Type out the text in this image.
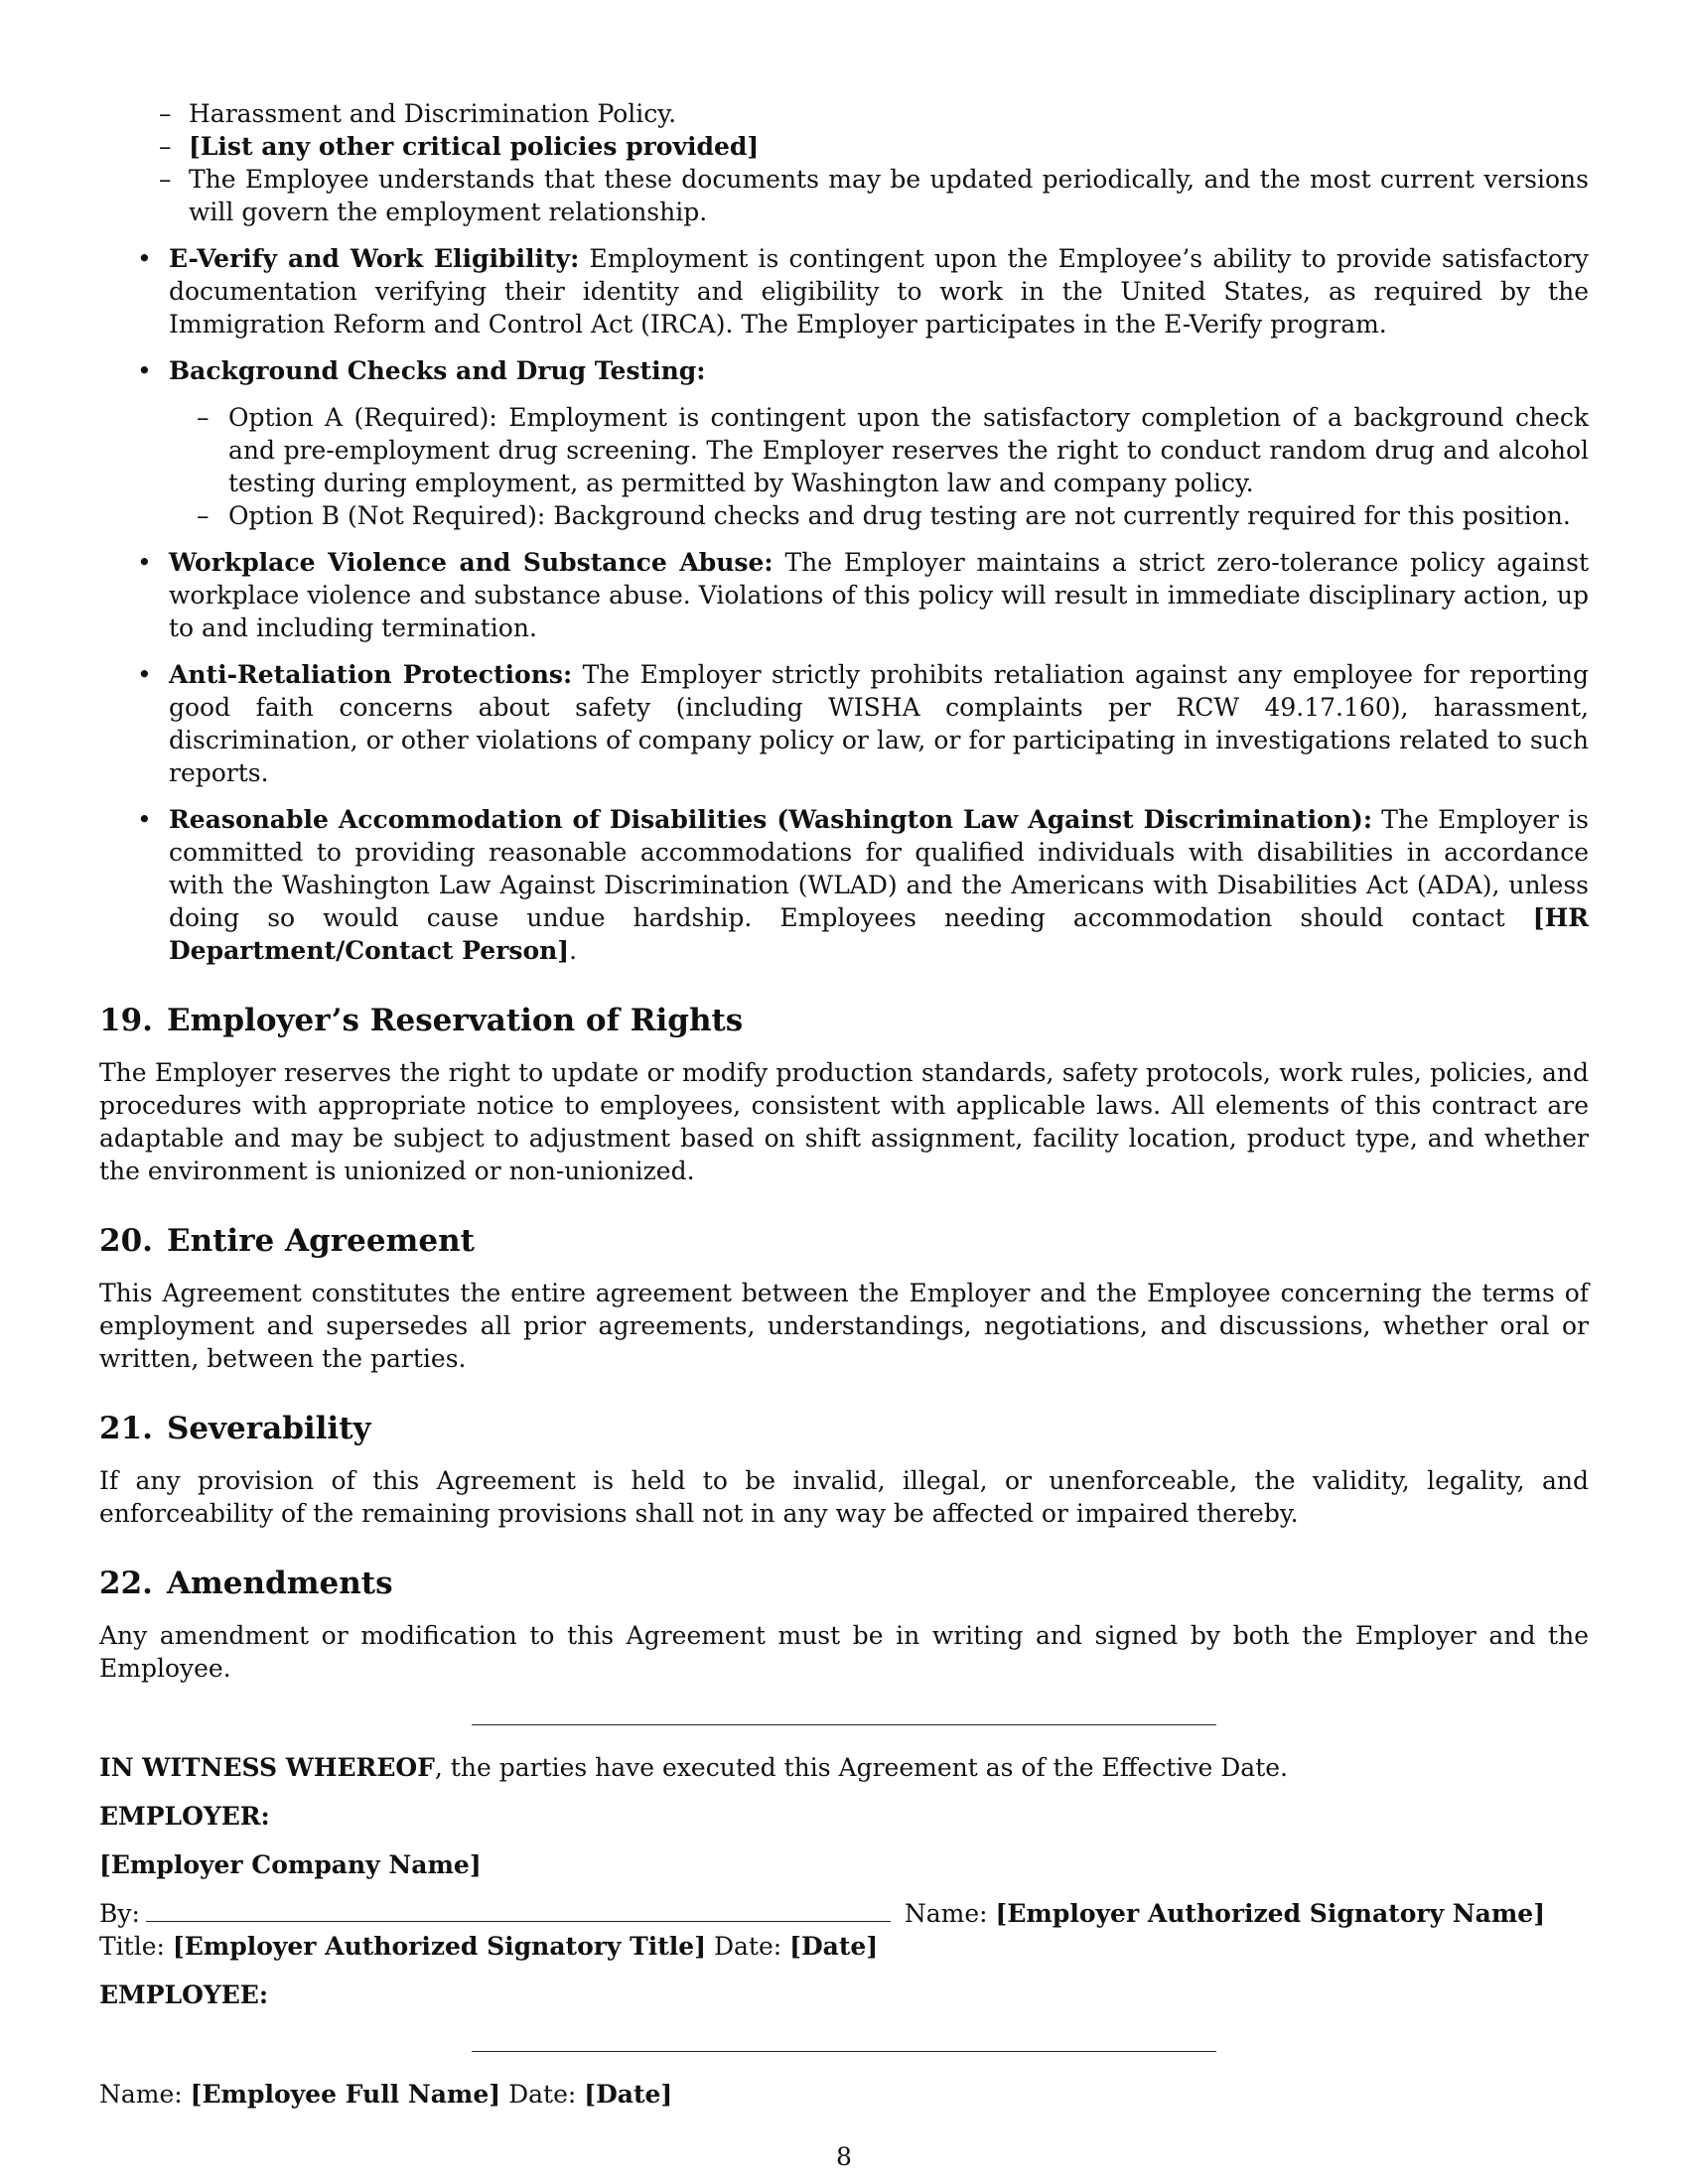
– Harassment and Discrimination Policy.
– [List any other critical policies provided]
– The Employee understands that these documents may be updated periodically, and the most current versions will govern the employment relationship.
• E-Verify and Work Eligibility: Employment is contingent upon the Employee’s ability to provide satisfactory documentation verifying their identity and eligibility to work in the United States, as required by the Immigration Reform and Control Act (IRCA). The Employer participates in the E-Verify program.
• Background Checks and Drug Testing:
– Option A (Required): Employment is contingent upon the satisfactory completion of a background check and pre-employment drug screening. The Employer reserves the right to conduct random drug and alcohol testing during employment, as permitted by Washington law and company policy.
– Option B (Not Required): Background checks and drug testing are not currently required for this position.
• Workplace Violence and Substance Abuse: The Employer maintains a strict zero-tolerance policy against workplace violence and substance abuse. Violations of this policy will result in immediate disciplinary action, up to and including termination.
• Anti-Retaliation Protections: The Employer strictly prohibits retaliation against any employee for reporting good faith concerns about safety (including WISHA complaints per RCW 49.17.160), harassment, discrimination, or other violations of company policy or law, or for participating in investigations related to such reports.
• Reasonable Accommodation of Disabilities (Washington Law Against Discrimination): The Employer is committed to providing reasonable accommodations for qualified individuals with disabilities in accordance with the Washington Law Against Discrimination (WLAD) and the Americans with Disabilities Act (ADA), unless doing so would cause undue hardship. Employees needing accommodation should contact [HR Department/Contact Person].
19. Employer’s Reservation of Rights

The Employer reserves the right to update or modify production standards, safety protocols, work rules, policies, and procedures with appropriate notice to employees, consistent with applicable laws. All elements of this contract are adaptable and may be subject to adjustment based on shift assignment, facility location, product type, and whether the environment is unionized or non-unionized.

20. Entire Agreement

This Agreement constitutes the entire agreement between the Employer and the Employee concerning the terms of employment and supersedes all prior agreements, understandings, negotiations, and discussions, whether oral or written, between the parties.

21. Severability

If any provision of this Agreement is held to be invalid, illegal, or unenforceable, the validity, legality, and enforceability of the remaining provisions shall not in any way be affected or impaired thereby.

22. Amendments

Any amendment or modification to this Agreement must be in writing and signed by both the Employer and the Employee.

IN WITNESS WHEREOF, the parties have executed this Agreement as of the Effective Date.

EMPLOYER:

[Employer Company Name]

By:	Name: [Employer Authorized Signatory Name] Title: [Employer Authorized Signatory Title] Date: [Date]

EMPLOYEE:

Name: [Employee Full Name] Date: [Date]

8
